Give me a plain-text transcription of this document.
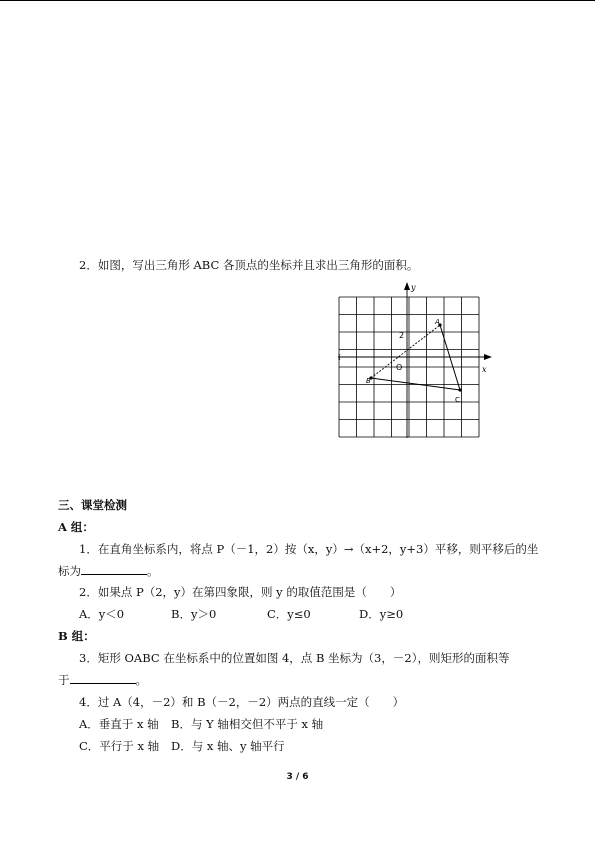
2．如图，写出三角形 ABC 各顶点的坐标并且求出三角形的面积。
y
x
I
O
2
A
B
C
三、课堂检测
A 组：
1．在直角坐标系内，将点 P（－1，2）按（x，y）→（x+2，y+3）平移，则平移后的坐
标为	。
2．如果点 P（2，y）在第四象限，则 y 的取值范围是（　　）
A．y＜0	B．y＞0	C．y≤0	D．y≥0
B 组：
3．矩形 OABC 在坐标系中的位置如图 4，点 B 坐标为（3，－2），则矩形的面积等
于	。
4．过 A（4，－2）和 B（－2，－2）两点的直线一定（　　）
A．垂直于 x 轴 B．与 Y 轴相交但不平于 x 轴
C．平行于 x 轴 D．与 x 轴、y 轴平行
3 / 6
